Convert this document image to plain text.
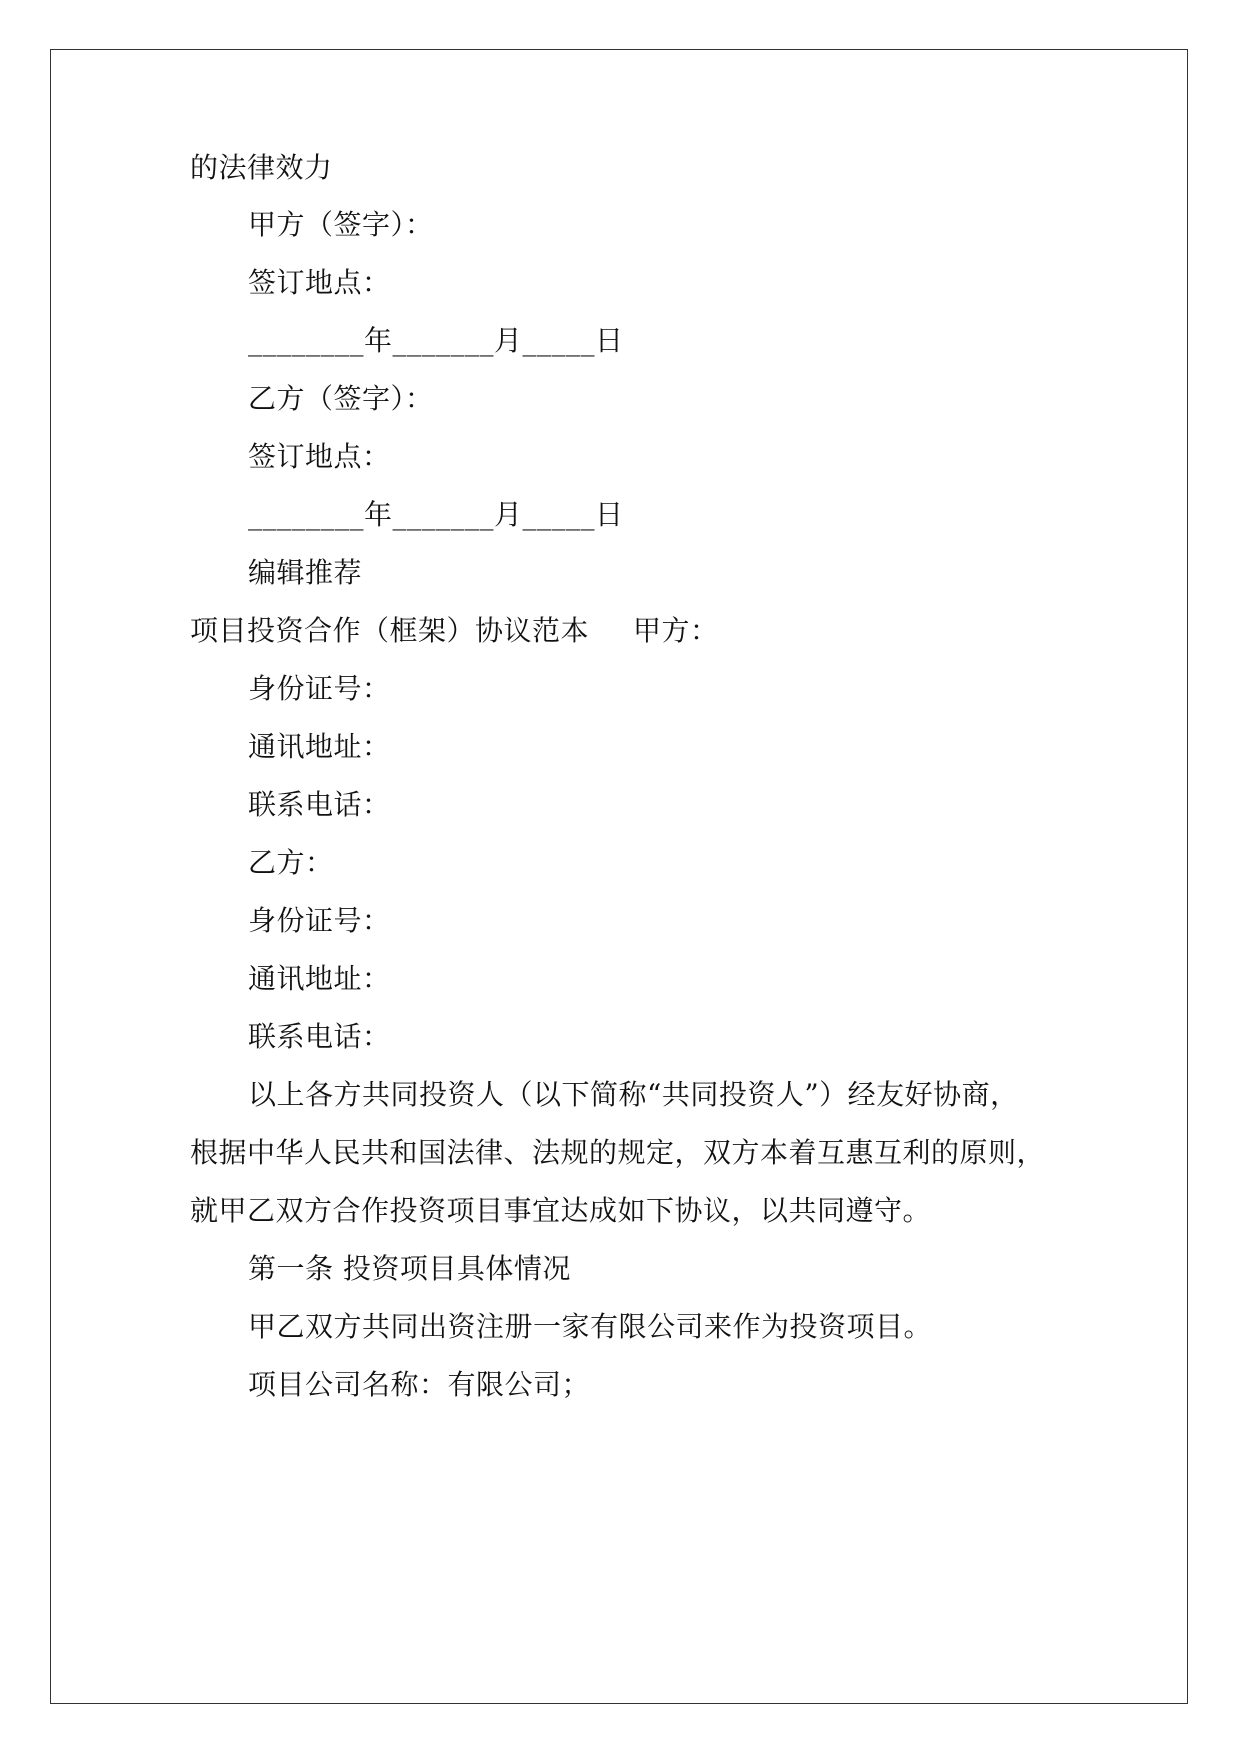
的法律效力
甲方（签字）：
签订地点：
________年_______月_____日
乙方（签字）：
签订地点：
________年_______月_____日
编辑推荐
项目投资合作（框架）协议范本 甲方：
身份证号：
通讯地址：
联系电话：
乙方：
身份证号：
通讯地址：
联系电话：
以上各方共同投资人（以下简称“共同投资人”）经友好协商，
根据中华人民共和国法律、法规的规定，双方本着互惠互利的原则，
就甲乙双方合作投资项目事宜达成如下协议，以共同遵守。
第一条 投资项目具体情况
甲乙双方共同出资注册一家有限公司来作为投资项目。
项目公司名称：有限公司；
